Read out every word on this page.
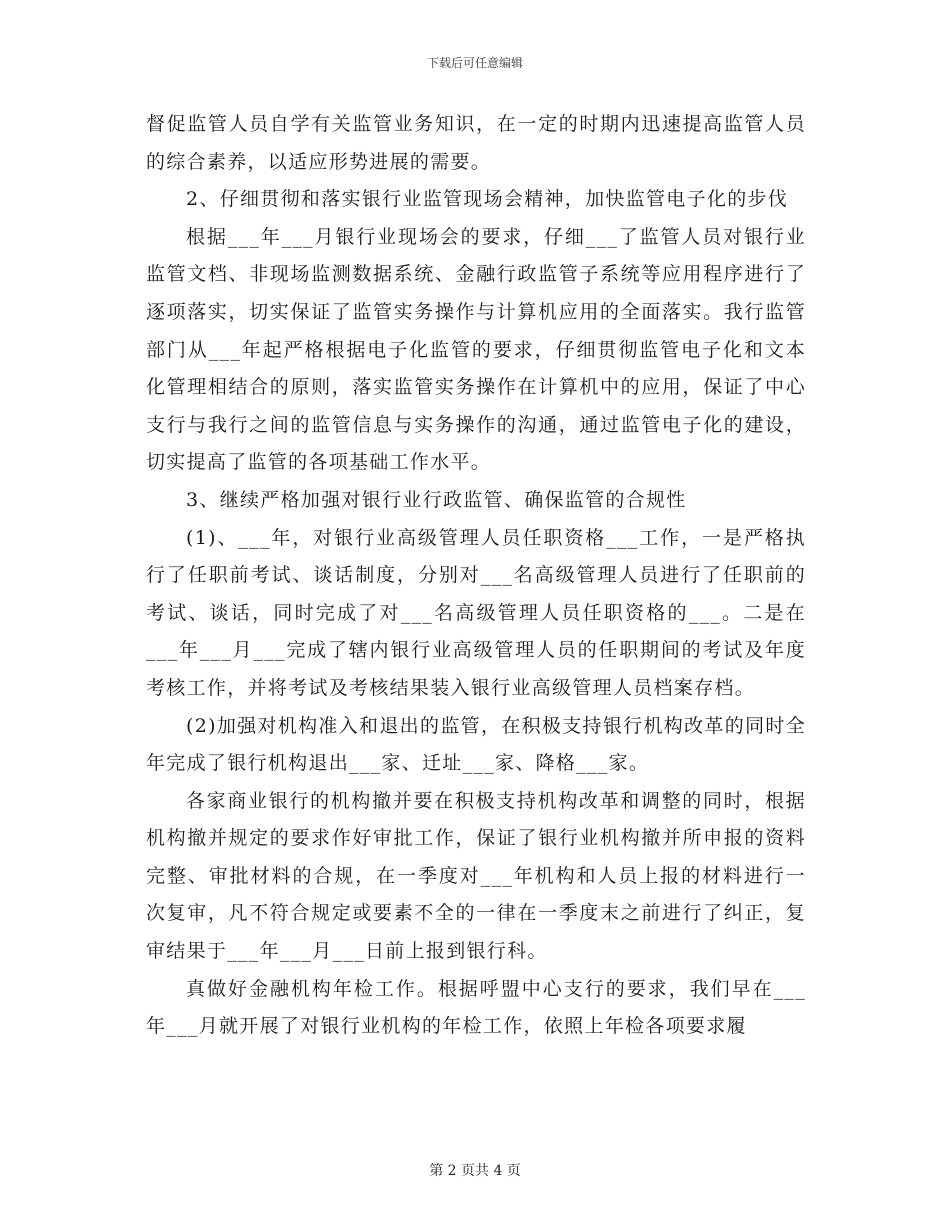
下载后可任意编辑

督促监管人员自学有关监管业务知识，在一定的时期内迅速提高监管人员的综合素养，以适应形势进展的需要。

2、仔细贯彻和落实银行业监管现场会精神，加快监管电子化的步伐

根据___年___月银行业现场会的要求，仔细___了监管人员对银行业监管文档、非现场监测数据系统、金融行政监管子系统等应用程序进行了逐项落实，切实保证了监管实务操作与计算机应用的全面落实。我行监管部门从___年起严格根据电子化监管的要求，仔细贯彻监管电子化和文本化管理相结合的原则，落实监管实务操作在计算机中的应用，保证了中心支行与我行之间的监管信息与实务操作的沟通，通过监管电子化的建设，切实提高了监管的各项基础工作水平。

3、继续严格加强对银行业行政监管、确保监管的合规性

(1)、___年，对银行业高级管理人员任职资格___工作，一是严格执行了任职前考试、谈话制度，分别对___名高级管理人员进行了任职前的考试、谈话，同时完成了对___名高级管理人员任职资格的___。二是在___年___月___完成了辖内银行业高级管理人员的任职期间的考试及年度考核工作，并将考试及考核结果装入银行业高级管理人员档案存档。

(2)加强对机构准入和退出的监管，在积极支持银行机构改革的同时全年完成了银行机构退出___家、迁址___家、降格___家。

各家商业银行的机构撤并要在积极支持机构改革和调整的同时，根据机构撤并规定的要求作好审批工作，保证了银行业机构撤并所申报的资料完整、审批材料的合规，在一季度对___年机构和人员上报的材料进行一次复审，凡不符合规定或要素不全的一律在一季度末之前进行了纠正，复审结果于___年___月___日前上报到银行科。

真做好金融机构年检工作。根据呼盟中心支行的要求，我们早在___年___月就开展了对银行业机构的年检工作，依照上年检各项要求履

第 2 页共 4 页
